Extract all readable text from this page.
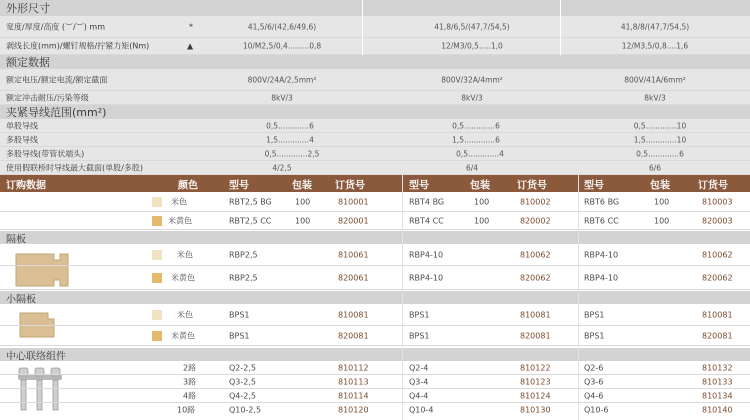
外形尺寸
宽度/厚度/高度 (︶/︶) mm	*	41,5/6/(42,6/49,6)	41,8/6,5/(47,7/54,5)	41,8/8/(47,7/54,5)
剥线长度(mm)/螺钉规格/拧紧力矩(Nm)	▲	10/M2,5/0,4.........0,8	12/M3/0,5.....1,0	12/M3,5/0,8....1,6
额定数据
额定电压/额定电流/额定截面	800V/24A/2,5mm²	800V/32A/4mm²	800V/41A/6mm²
额定冲击耐压/污染等级	8kV/3	8kV/3	8kV/3
夹紧导线范围(mm²)
单股导线	0,5.............6	0,5.............6	0,5.............10
多股导线	1,5.............4	1,5.............6	1,5.............10
多股导线(带管状端头)	0,5.............2,5	0,5.............4	0,5.............6
使用假联桥时导线最大截面(单股/多股)	4/2,5	6/4	6/6
订购数据	颜色	型号	包装 订货号	型号	包装	订货号	型号	包装	订货号
米色	RBT2,5 BG	100	810001	RBT4 BG	100	810002	RBT6 BG	100	810003
米黄色	RBT2,5 CC	100	820001	RBT4 CC	100	820002	RBT6 CC	100	820003
隔板
米色	RBP2,5	810061	RBP4-10	810062	RBP4-10	810062
米黄色	RBP2,5	820061	RBP4-10	820062	RBP4-10	820062
小隔板
米色	BPS1	810081	BPS1	810081	BPS1	810081
米黄色	BPS1	820081	BPS1	820081	BPS1	820081
中心联络组件
2路	Q2-2,5	810112	Q2-4	810122	Q2-6	810132
3路	Q3-2,5	810113	Q3-4	810123	Q3-6	810133
4路	Q4-2,5	810114	Q4-4	810124	Q4-6	810134
10路	Q10-2,5	810120	Q10-4	810130	Q10-6	810140
